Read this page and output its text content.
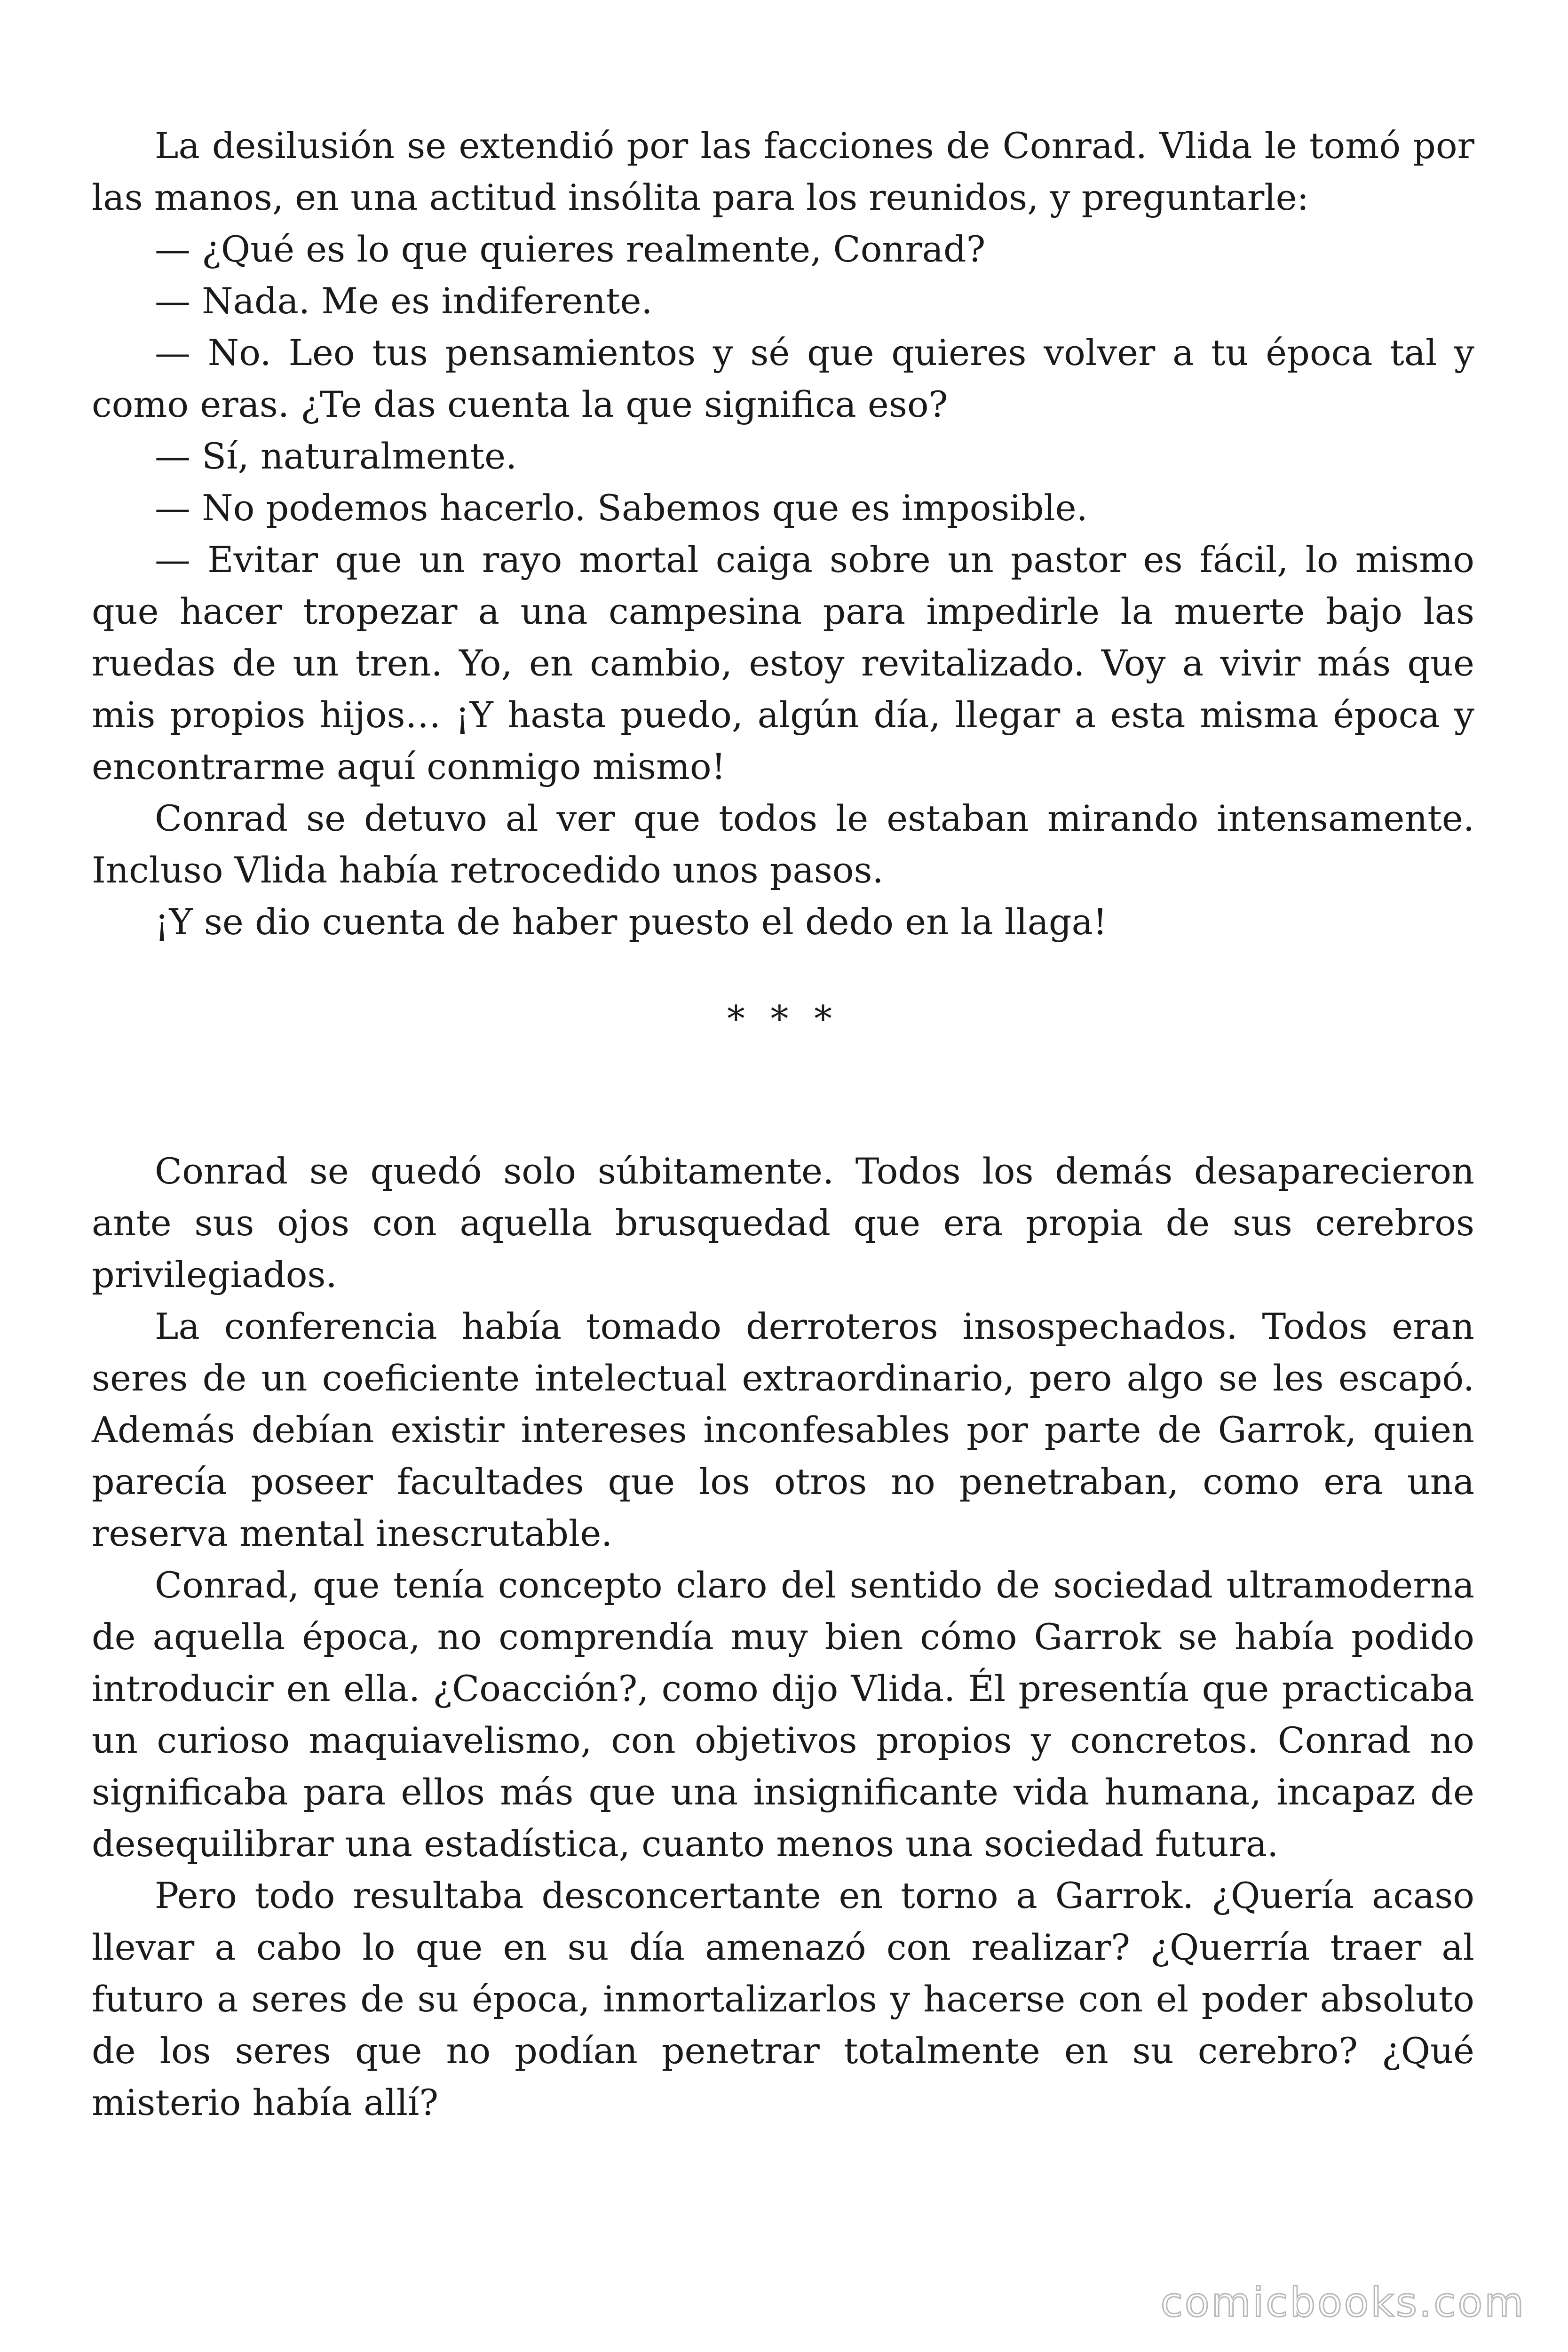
La desilusión se extendió por las facciones de Conrad. Vlida le tomó por las manos, en una actitud insólita para los reunidos, y preguntarle:

— ¿Qué es lo que quieres realmente, Conrad?

— Nada. Me es indiferente.

— No. Leo tus pensamientos y sé que quieres volver a tu época tal y como eras. ¿Te das cuenta la que significa eso?

— Sí, naturalmente.

— No podemos hacerlo. Sabemos que es imposible.

— Evitar que un rayo mortal caiga sobre un pastor es fácil, lo mismo que hacer tropezar a una campesina para impedirle la muerte bajo las ruedas de un tren. Yo, en cambio, estoy revitalizado. Voy a vivir más que mis propios hijos… ¡Y hasta puedo, algún día, llegar a esta misma época y encontrarme aquí conmigo mismo!

Conrad se detuvo al ver que todos le estaban mirando intensamente. Incluso Vlida había retrocedido unos pasos.

¡Y se dio cuenta de haber puesto el dedo en la llaga!

* * *

Conrad se quedó solo súbitamente. Todos los demás desaparecieron ante sus ojos con aquella brusquedad que era propia de sus cerebros privilegiados.

La conferencia había tomado derroteros insospechados. Todos eran seres de un coeficiente intelectual extraordinario, pero algo se les escapó. Además debían existir intereses inconfesables por parte de Garrok, quien parecía poseer facultades que los otros no penetraban, como era una reserva mental inescrutable.

Conrad, que tenía concepto claro del sentido de sociedad ultramoderna de aquella época, no comprendía muy bien cómo Garrok se había podido introducir en ella. ¿Coacción?, como dijo Vlida. Él presentía que practicaba un curioso maquiavelismo, con objetivos propios y concretos. Conrad no significaba para ellos más que una insignificante vida humana, incapaz de desequilibrar una estadística, cuanto menos una sociedad futura.

Pero todo resultaba desconcertante en torno a Garrok. ¿Quería acaso llevar a cabo lo que en su día amenazó con realizar? ¿Querría traer al futuro a seres de su época, inmortalizarlos y hacerse con el poder absoluto de los seres que no podían penetrar totalmente en su cerebro? ¿Qué misterio había allí?

comicbooks.com
